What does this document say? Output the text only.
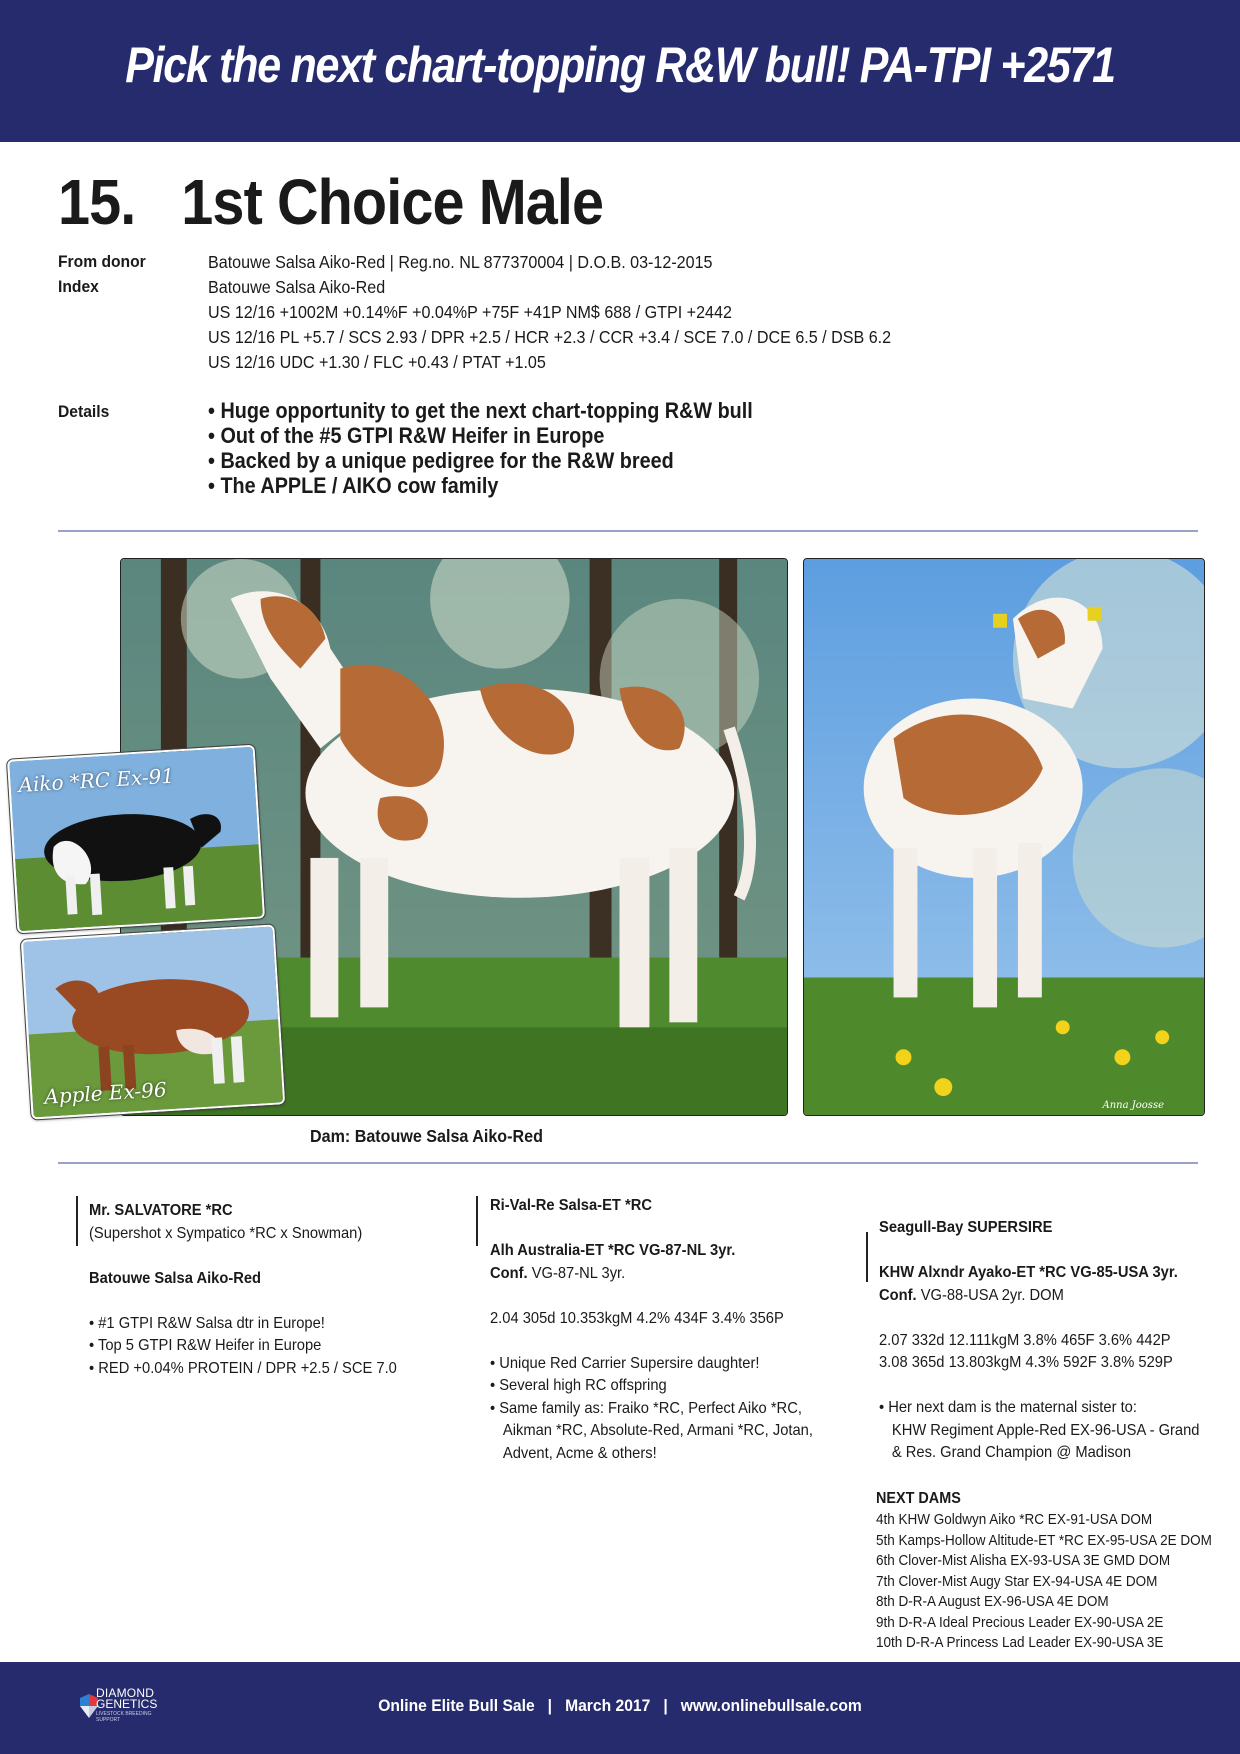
Pick the next chart-topping R&W bull! PA-TPI +2571
15. 1st Choice Male
From donor	Batouwe Salsa Aiko-Red | Reg.no. NL 877370004 | D.O.B. 03-12-2015
Index	Batouwe Salsa Aiko-Red
US 12/16 +1002M +0.14%F +0.04%P +75F +41P NM$ 688 / GTPI +2442
US 12/16 PL +5.7 / SCS 2.93 / DPR +2.5 / HCR +2.3 / CCR +3.4 / SCE 7.0 / DCE 6.5 / DSB 6.2
US 12/16 UDC +1.30 / FLC +0.43 / PTAT +1.05
Details
•	Huge opportunity to get the next chart-topping R&W bull
• Out of the #5 GTPI R&W Heifer in Europe
• Backed by a unique pedigree for the R&W breed
• The APPLE / AIKO cow family
Anna Joosse
Aiko *RC Ex-91
Apple Ex-96
Dam: Batouwe Salsa Aiko-Red
Mr. SALVATORE *RC
(Supershot x Sympatico *RC x Snowman)
Batouwe Salsa Aiko-Red
• #1 GTPI R&W Salsa dtr in Europe!
• Top 5 GTPI R&W Heifer in Europe
• RED +0.04% PROTEIN / DPR +2.5 / SCE 7.0
Ri-Val-Re Salsa-ET *RC
Alh Australia-ET *RC VG-87-NL 3yr.
Conf. VG-87-NL 3yr.
2.04 305d 10.353kgM 4.2% 434F 3.4% 356P
• Unique Red Carrier Supersire daughter!
• Several high RC offspring
• Same family as: Fraiko *RC, Perfect Aiko *RC,
Aikman *RC, Absolute-Red, Armani *RC, Jotan,
Advent, Acme & others!
Seagull-Bay SUPERSIRE
KHW Alxndr Ayako-ET *RC VG-85-USA 3yr.
Conf. VG-88-USA 2yr. DOM
2.07 332d 12.111kgM 3.8% 465F 3.6% 442P
3.08 365d 13.803kgM 4.3% 592F 3.8% 529P
• Her next dam is the maternal sister to:
KHW Regiment Apple-Red EX-96-USA - Grand
& Res. Grand Champion @ Madison
NEXT DAMS
4th KHW Goldwyn Aiko *RC EX-91-USA DOM
5th Kamps-Hollow Altitude-ET *RC EX-95-USA 2E DOM
6th Clover-Mist Alisha EX-93-USA 3E GMD DOM
7th Clover-Mist Augy Star EX-94-USA 4E DOM
8th D-R-A August EX-96-USA 4E DOM
9th D-R-A Ideal Precious Leader EX-90-USA 2E
10th D-R-A Princess Lad Leader EX-90-USA 3E
DIAMOND
GENETICS
LIVESTOCK BREEDING SUPPORT
Online Elite Bull Sale   |   March 2017   |   www.onlinebullsale.com
